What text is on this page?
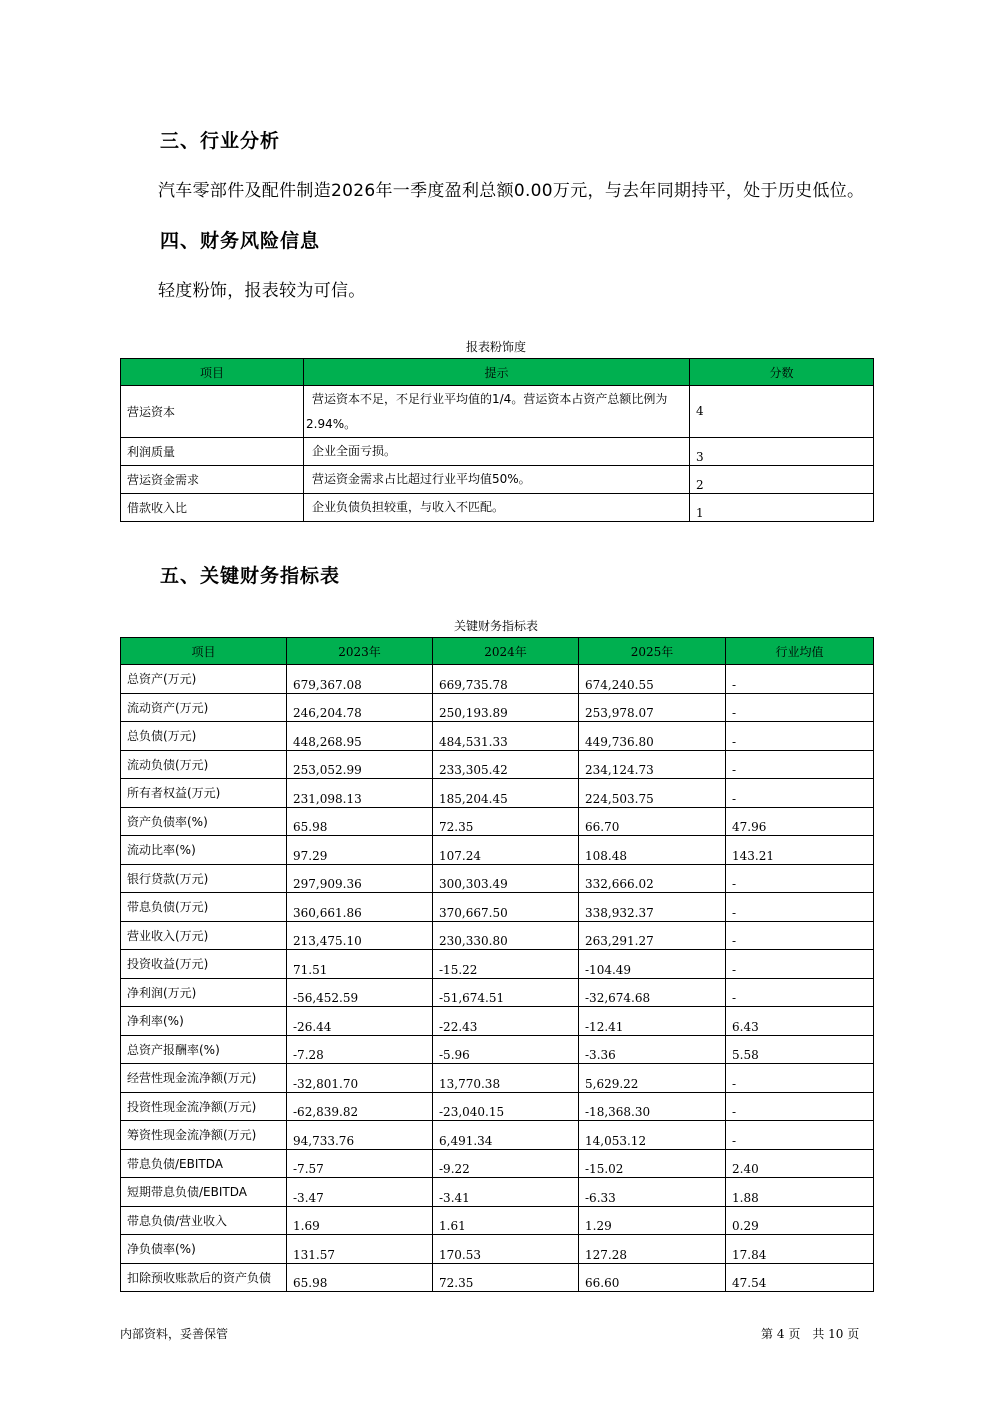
三、行业分析
汽车零部件及配件制造2026年一季度盈利总额0.00万元，与去年同期持平，处于历史低位。
四、财务风险信息
轻度粉饰，报表较为可信。
报表粉饰度
项目	提示	分数
营运资本	营运资本不足，不足行业平均值的1/4。营运资本占资产总额比例为2.94%。	4
利润质量	企业全面亏损。	3
营运资金需求	营运资金需求占比超过行业平均值50%。	2
借款收入比	企业负债负担较重，与收入不匹配。	1
五、关键财务指标表
关键财务指标表
项目	2023年	2024年	2025年	行业均值
总资产(万元)	679,367.08	669,735.78	674,240.55	-
流动资产(万元)	246,204.78	250,193.89	253,978.07	-
总负债(万元)	448,268.95	484,531.33	449,736.80	-
流动负债(万元)	253,052.99	233,305.42	234,124.73	-
所有者权益(万元)	231,098.13	185,204.45	224,503.75	-
资产负债率(%)	65.98	72.35	66.70	47.96
流动比率(%)	97.29	107.24	108.48	143.21
银行贷款(万元)	297,909.36	300,303.49	332,666.02	-
带息负债(万元)	360,661.86	370,667.50	338,932.37	-
营业收入(万元)	213,475.10	230,330.80	263,291.27	-
投资收益(万元)	71.51	-15.22	-104.49	-
净利润(万元)	-56,452.59	-51,674.51	-32,674.68	-
净利率(%)	-26.44	-22.43	-12.41	6.43
总资产报酬率(%)	-7.28	-5.96	-3.36	5.58
经营性现金流净额(万元)	-32,801.70	13,770.38	5,629.22	-
投资性现金流净额(万元)	-62,839.82	-23,040.15	-18,368.30	-
筹资性现金流净额(万元)	94,733.76	6,491.34	14,053.12	-
带息负债/EBITDA	-7.57	-9.22	-15.02	2.40
短期带息负债/EBITDA	-3.47	-3.41	-6.33	1.88
带息负债/营业收入	1.69	1.61	1.29	0.29
净负债率(%)	131.57	170.53	127.28	17.84
扣除预收账款后的资产负债	65.98	72.35	66.60	47.54
内部资料，妥善保管	第 4 页　共 10 页
